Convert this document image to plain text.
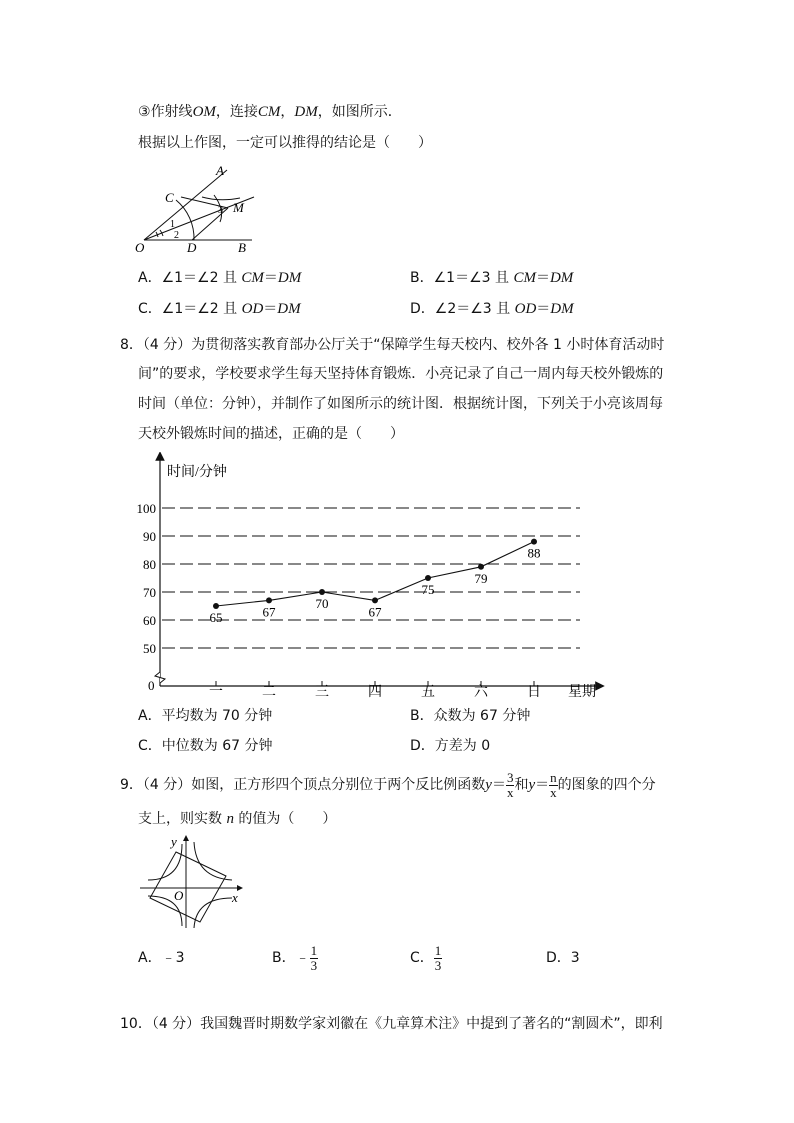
③作射线OM，连接CM，DM，如图所示．
根据以上作图，一定可以推得的结论是（　　）
A
C
M
3
1
2
O	D	B
A．∠1＝∠2 且 CM＝DM	B．∠1＝∠3 且 CM＝DM
C．∠1＝∠2 且 OD＝DM	D．∠2＝∠3 且 OD＝DM
8．（4 分）为贯彻落实教育部办公厅关于“保障学生每天校内、校外各 1 小时体育活动时
间”的要求，学校要求学生每天坚持体育锻炼．小亮记录了自己一周内每天校外锻炼的
时间（单位：分钟），并制作了如图所示的统计图．根据统计图，下列关于小亮该周每
天校外锻炼时间的描述，正确的是（　　）
时间/分钟
星期
0
50
60
70
80
90
100
一	二	三	四	五	六	日
65	67
70
67
75
79
88
A．平均数为 70 分钟	B．众数为 67 分钟
C．中位数为 67 分钟	D．方差为 0
9．（4 分）如图，正方形四个顶点分别位于两个反比例函数$y= \frac{3}{x}$ 和$y= \frac{n}{x}$ 的图象的四个分
支上，则实数 n 的值为（　　）
y
x
O
A．﹣3	B．﹣ $\frac{1}{3}$	C． $\frac{1}{3}$	D．3
10．（4 分）我国魏晋时期数学家刘徽在《九章算术注》中提到了著名的“割圆术”，即利
